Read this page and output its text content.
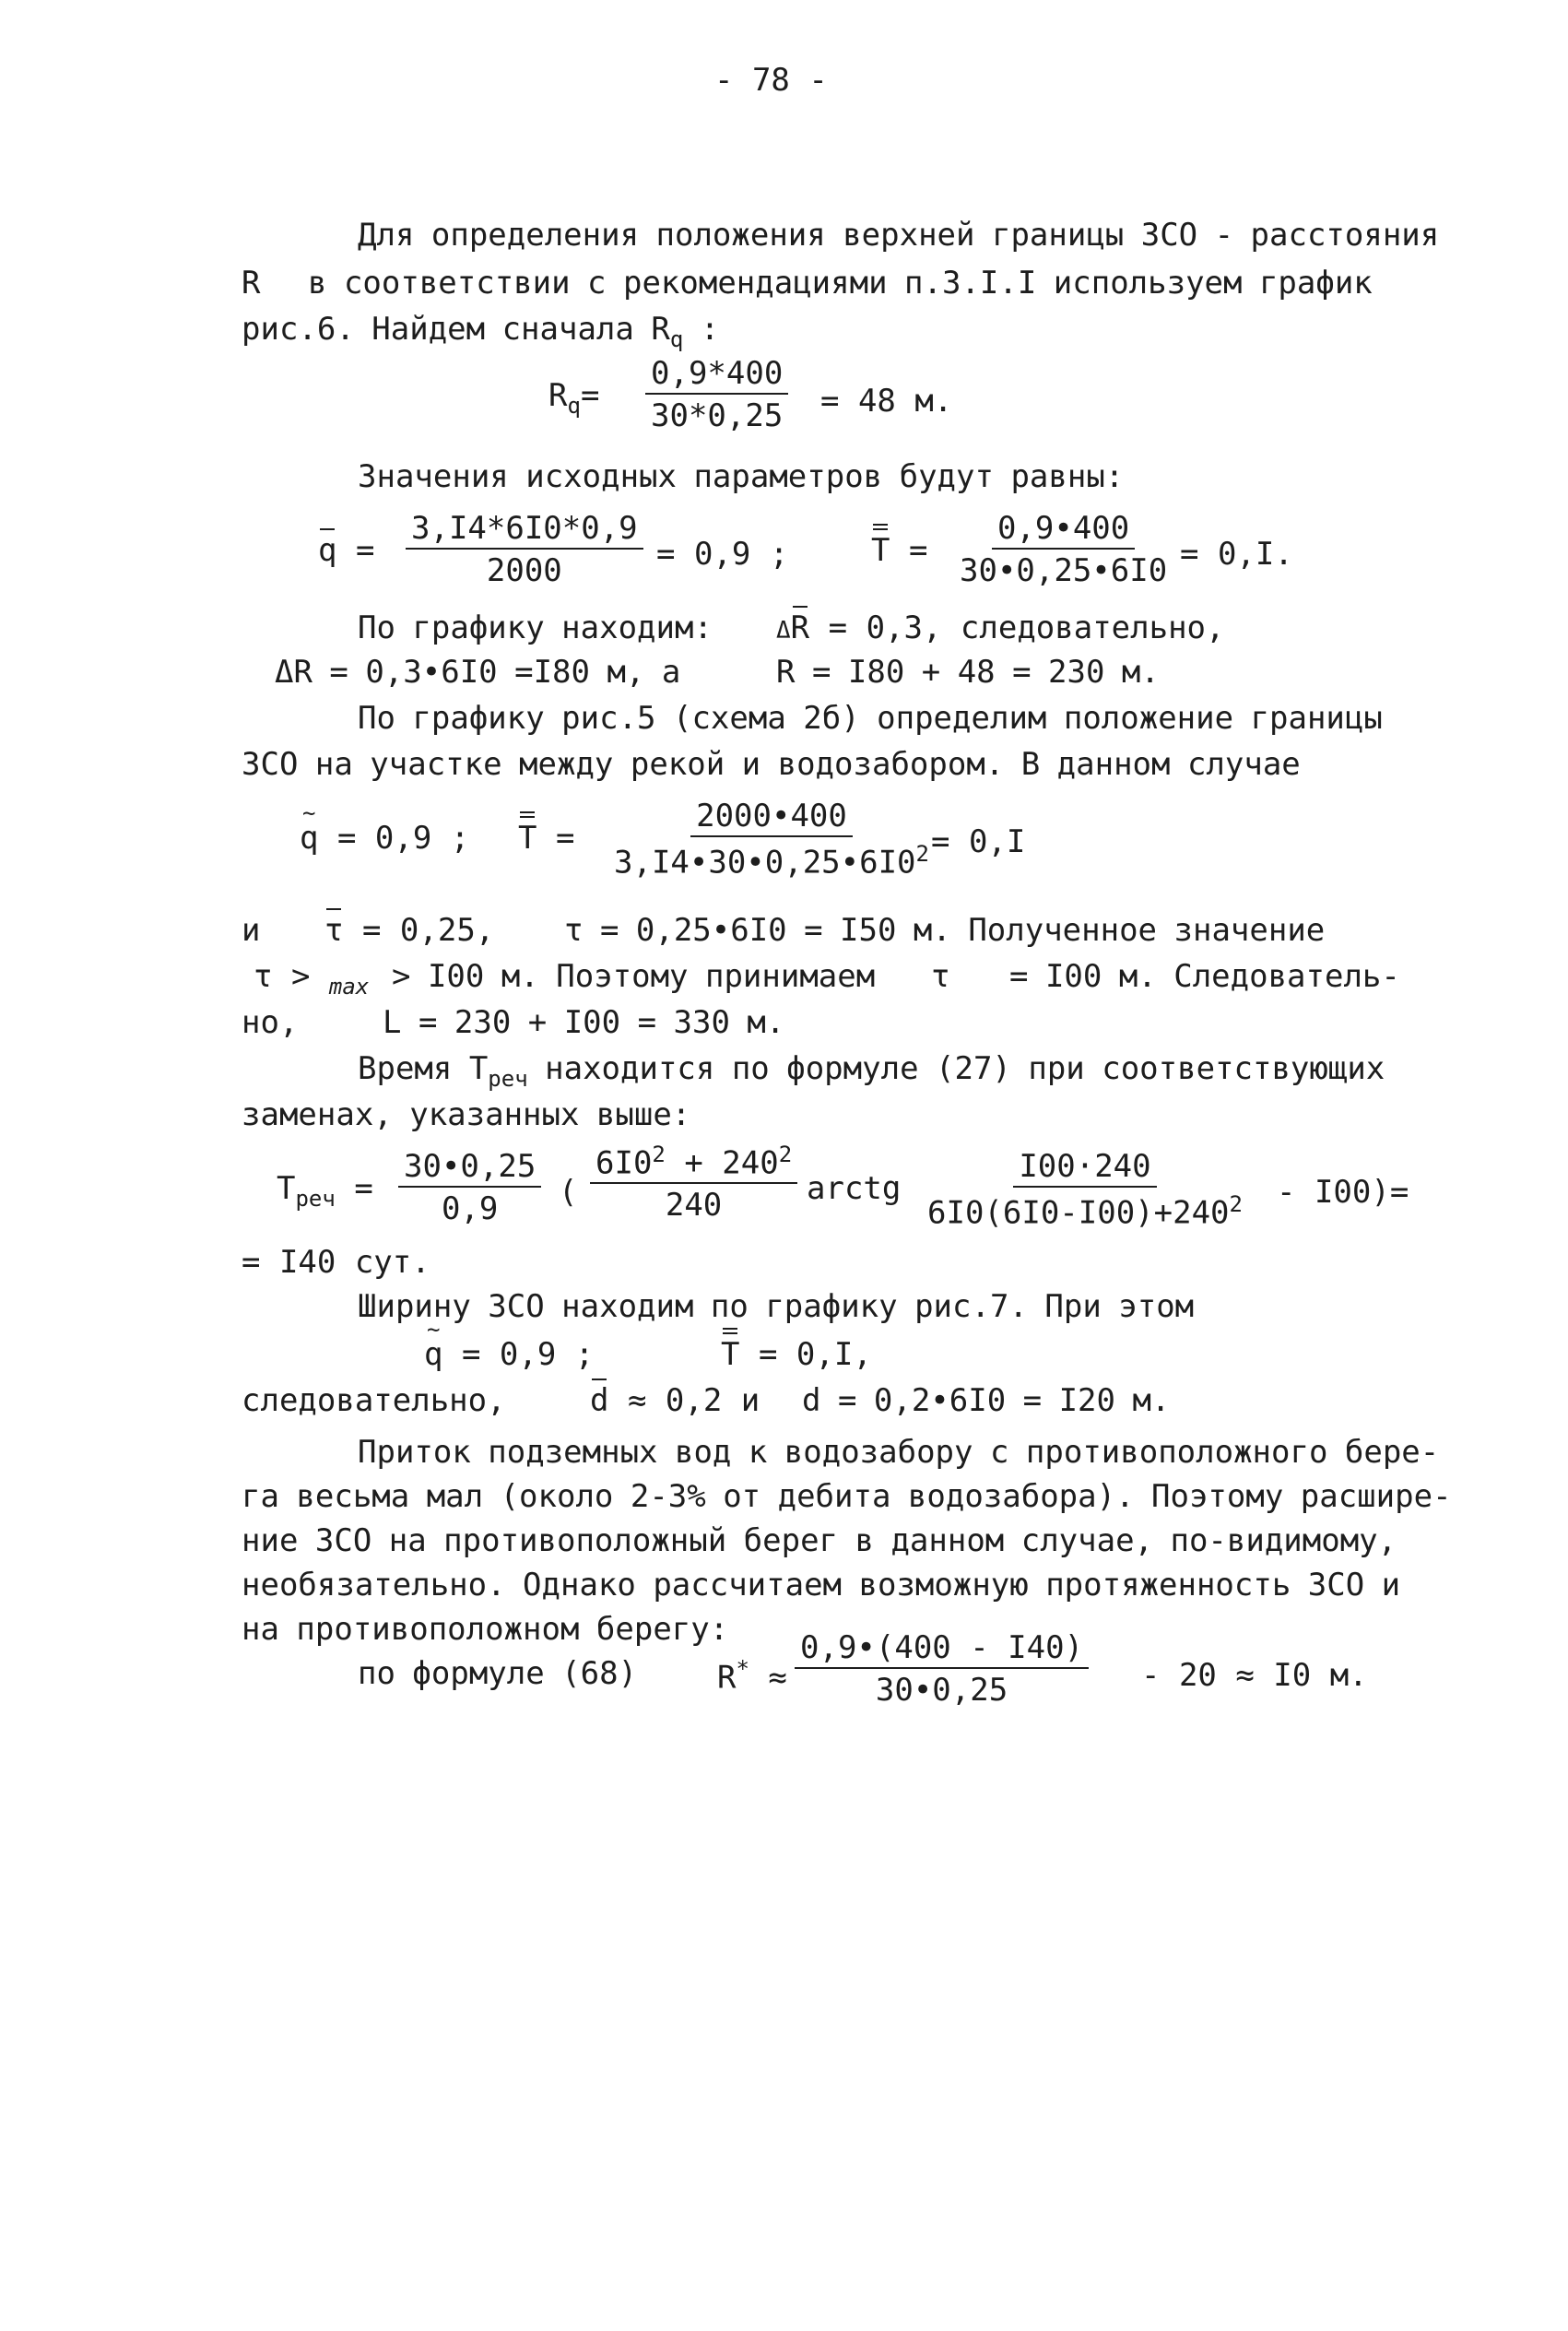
- 78 -
Для определения положения верхней границы ЗСО - расстояния
R в соответствии с рекомендациями п.3.I.I используем график
рис.6. Найдем сначала $R_q$ :
$R_q= \frac{0,9*400}{30*0,25} = 48$ м.
Значения исходных параметров будут равны:
$q = \frac{3,I4*6I0*0,9}{2000} = 0,9$ ;	$T = \frac{0,9•400}{30•0,25•6I0} = 0,I$.
По графику находим:	ΔR = 0,3, следовательно,
ΔR = 0,3•6I0 =I80 м, а	R = I80 + 48 = 230 м.
По графику рис.5 (схема 2б) определим положение границы
ЗСО на участке между рекой и водозабором. В данном случае
~ q = 0,9 ; $T = \frac{2000•400}{3,I4•30•0,25•6I0^2}$
= 0,I
и τ = 0,25, τ = 0,25•6I0 = I50 м. Полученное значение
τ > $_{max}$ > I00 м. Поэтому принимаем τ = I00 м. Следователь-
но,	L = 230 + I00 = 330 м.
Время $Т_{реч}$ находится по формуле (27) при соответствующих
заменах, указанных выше:
$Т_{реч} = \frac{30•0,25}{0,9}$ ( $\frac{6I0^2 + 240^2}{240}$ arctg $\frac{I00\cdot 240}{6I0(6I0-I00)+240^2} - I00)=$
= I40 сут.
Ширину ЗСО находим по графику рис.7. При этом
~ q = 0,9 ;	T = 0,I,
следовательно,	d ≈ 0,2 и d = 0,2•6I0 = I20 м.
Приток подземных вод к водозабору с противоположного бере-
га весьма мал (около 2-3% от дебита водозабора). Поэтому расшире-
ние ЗСО на противоположный берег в данном случае, по-видимому,
необязательно. Однако рассчитаем возможную протяженность ЗСО и
на противоположном берегу:
по формуле (68)	$R^* \approx \frac{0,9•(400 - I40)}{30•0,25} - 20 \approx I0$ м.
